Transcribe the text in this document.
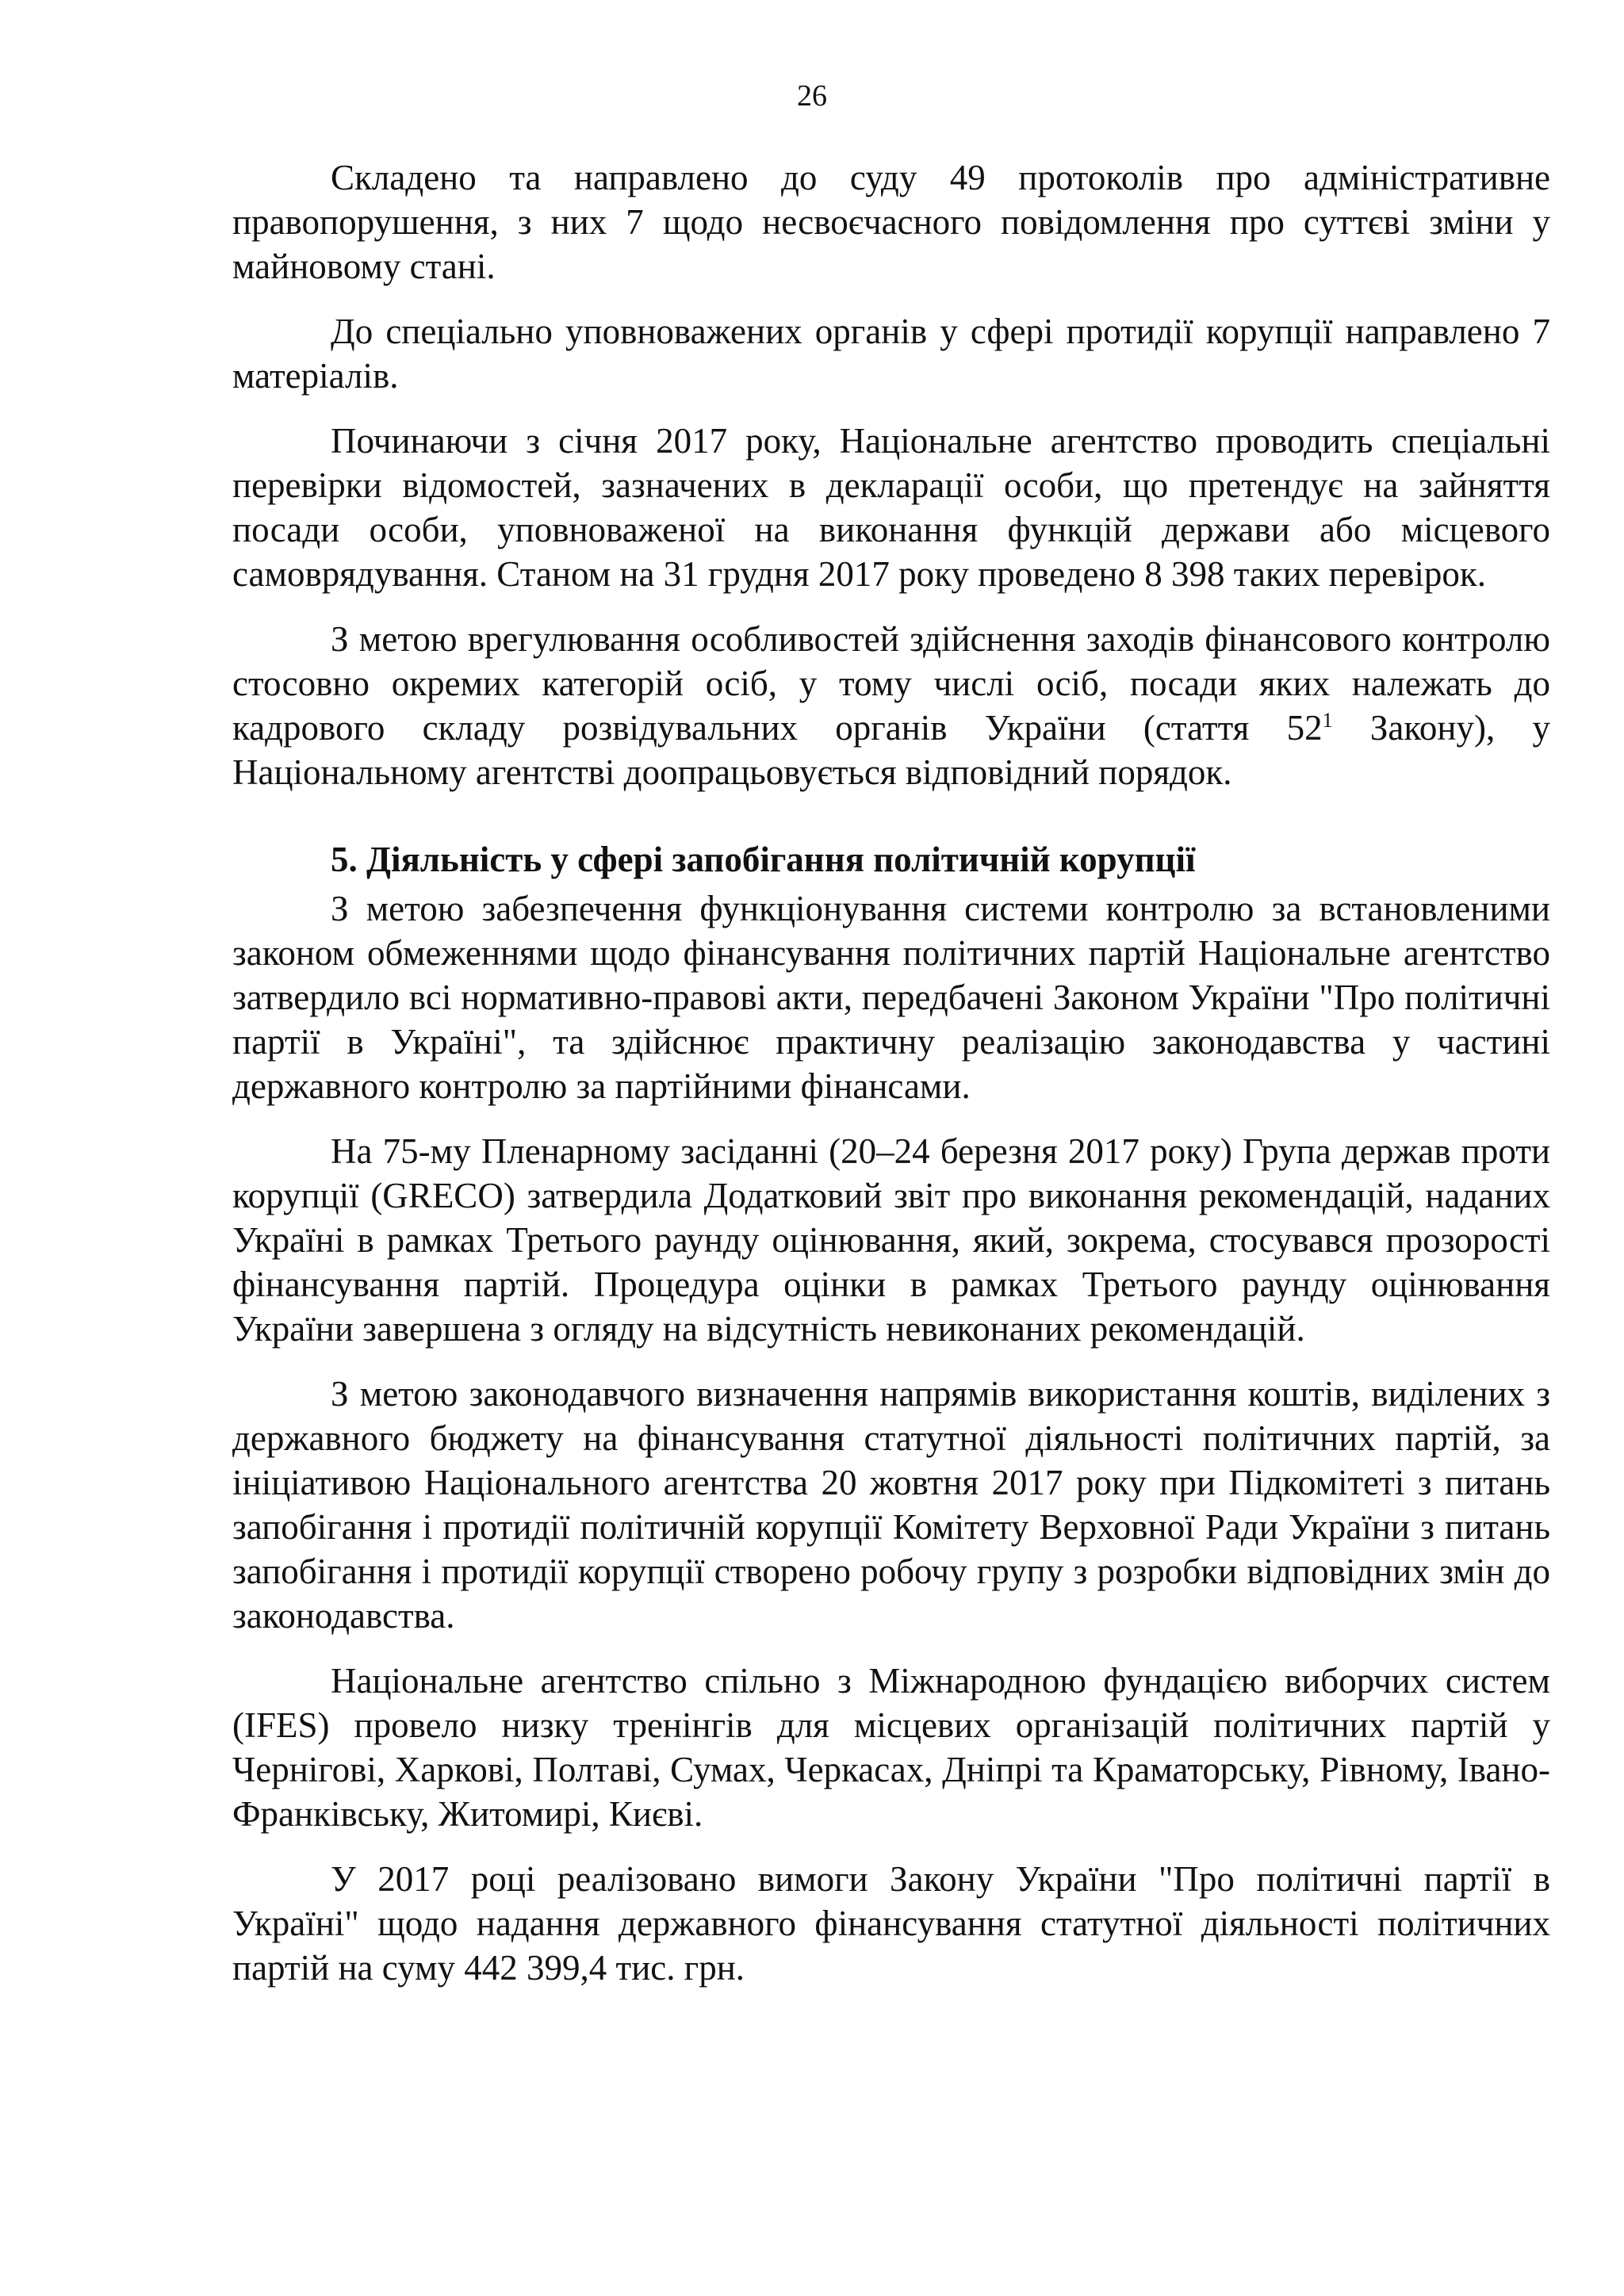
26

Складено та направлено до суду 49 протоколів про адміністративне правопорушення, з них 7 щодо несвоєчасного повідомлення про суттєві зміни у майновому стані.

До спеціально уповноважених органів у сфері протидії корупції направлено 7 матеріалів.

Починаючи з січня 2017 року, Національне агентство проводить спеціальні перевірки відомостей, зазначених в декларації особи, що претендує на зайняття посади особи, уповноваженої на виконання функцій держави або місцевого самоврядування. Станом на 31 грудня 2017 року проведено 8 398 таких перевірок.

З метою врегулювання особливостей здійснення заходів фінансового контролю стосовно окремих категорій осіб, у тому числі осіб, посади яких належать до кадрового складу розвідувальних органів України (стаття $52^1$ Закону), у Національному агентстві доопрацьовується відповідний порядок.

5. Діяльність у сфері запобігання політичній корупції

З метою забезпечення функціонування системи контролю за встановленими законом обмеженнями щодо фінансування політичних партій Національне агентство затвердило всі нормативно-правові акти, передбачені Законом України "Про політичні партії в Україні", та здійснює практичну реалізацію законодавства у частині державного контролю за партійними фінансами.

На 75-му Пленарному засіданні (20–24 березня 2017 року) Група держав проти корупції (GRECO) затвердила Додатковий звіт про виконання рекомендацій, наданих Україні в рамках Третього раунду оцінювання, який, зокрема, стосувався прозорості фінансування партій. Процедура оцінки в рамках Третього раунду оцінювання України завершена з огляду на відсутність невиконаних рекомендацій.

З метою законодавчого визначення напрямів використання коштів, виділених з державного бюджету на фінансування статутної діяльності політичних партій, за ініціативою Національного агентства 20 жовтня 2017 року при Підкомітеті з питань запобігання і протидії політичній корупції Комітету Верховної Ради України з питань запобігання і протидії корупції створено робочу групу з розробки відповідних змін до законодавства.

Національне агентство спільно з Міжнародною фундацією виборчих систем (IFES) провело низку тренінгів для місцевих організацій політичних партій у Чернігові, Харкові, Полтаві, Сумах, Черкасах, Дніпрі та Краматорську, Рівному, Івано-Франківську, Житомирі, Києві.

У 2017 році реалізовано вимоги Закону України "Про політичні партії в Україні" щодо надання державного фінансування статутної діяльності політичних партій на суму 442 399,4 тис. грн.
